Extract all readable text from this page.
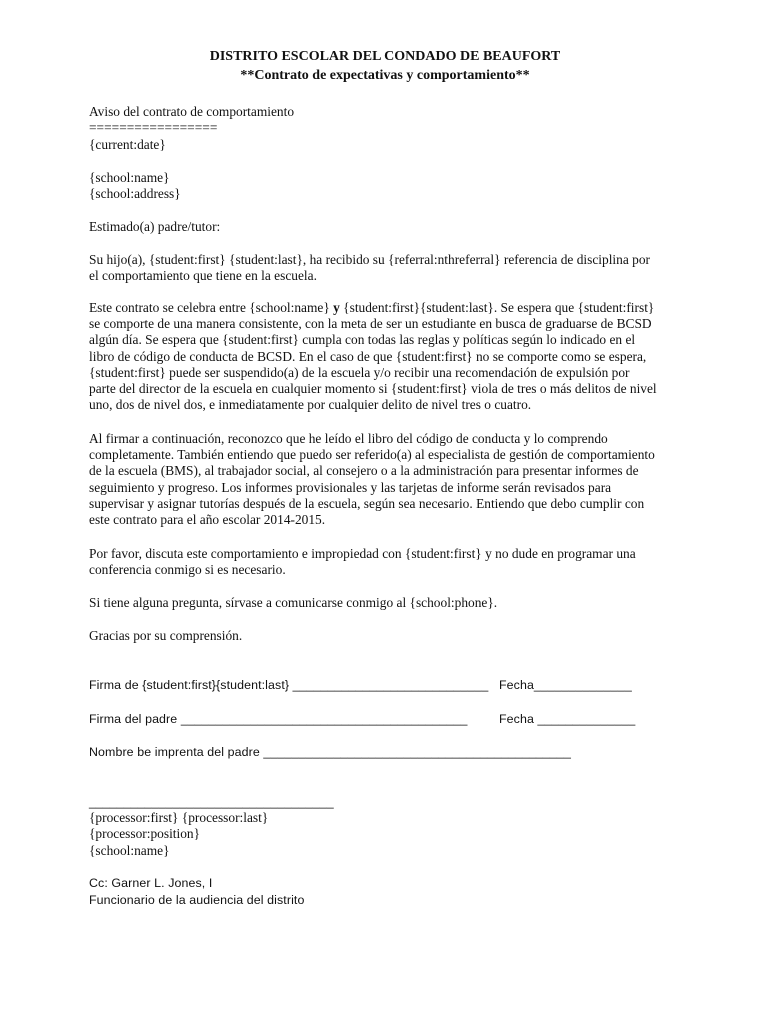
DISTRITO ESCOLAR DEL CONDADO DE BEAUFORT
**Contrato de expectativas y comportamiento**
Aviso del contrato de comportamiento
=================
{current:date}
{school:name}
{school:address}
Estimado(a) padre/tutor:
Su hijo(a), {student:first} {student:last}, ha recibido su {referral:nthreferral} referencia de disciplina por
el comportamiento que tiene en la escuela.
Este contrato se celebra entre {school:name} y {student:first}{student:last}. Se espera que {student:first}
se comporte de una manera consistente, con la meta de ser un estudiante en busca de graduarse de BCSD
algún día. Se espera que {student:first} cumpla con todas las reglas y políticas según lo indicado en el
libro de código de conducta de BCSD. En el caso de que {student:first} no se comporte como se espera,
{student:first} puede ser suspendido(a) de la escuela y/o recibir una recomendación de expulsión por
parte del director de la escuela en cualquier momento si {student:first} viola de tres o más delitos de nivel
uno, dos de nivel dos, e inmediatamente por cualquier delito de nivel tres o cuatro.
Al firmar a continuación, reconozco que he leído el libro del código de conducta y lo comprendo
completamente. También entiendo que puedo ser referido(a) al especialista de gestión de comportamiento
de la escuela (BMS), al trabajador social, al consejero o a la administración para presentar informes de
seguimiento y progreso. Los informes provisionales y las tarjetas de informe serán revisados para
supervisar y asignar tutorías después de la escuela, según sea necesario. Entiendo que debo cumplir con
este contrato para el año escolar 2014-2015.
Por favor, discuta este comportamiento e impropiedad con {student:first} y no dude en programar una
conferencia conmigo si es necesario.
Si tiene alguna pregunta, sírvase a comunicarse conmigo al {school:phone}.
Gracias por su comprensión.
Firma de {student:first}{student:last} ____________________________ Fecha______________
Firma del padre _________________________________________	Fecha ______________
Nombre be imprenta del padre ____________________________________________
___________________________________
{processor:first} {processor:last}
{processor:position}
{school:name}
Cc: Garner L. Jones, I
Funcionario de la audiencia del distrito
